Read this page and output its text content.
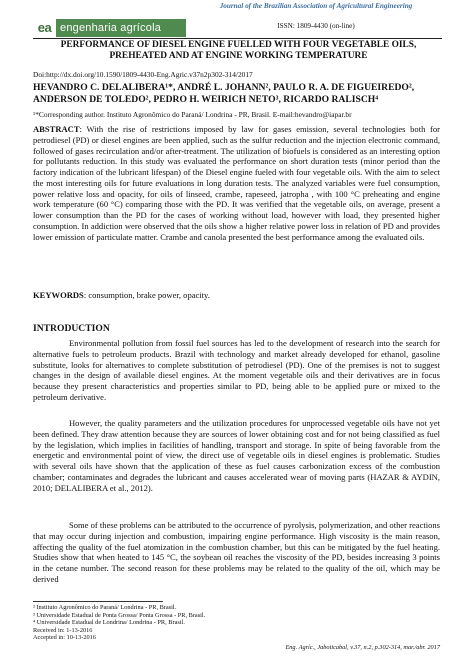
ea engenharia agrícola
Journal of the Brazilian Association of Agricultural Engineering
ISSN: 1809-4430 (on-line)
PERFORMANCE OF DIESEL ENGINE FUELLED WITH FOUR VEGETABLE OILS, PREHEATED AND AT ENGINE WORKING TEMPERATURE
Doi:http://dx.doi.org/10.1590/1809-4430-Eng.Agric.v37n2p302-314/2017
HEVANDRO C. DELALIBERA¹*, ANDRÉ L. JOHANN², PAULO R. A. DE FIGUEIREDO², ANDERSON DE TOLEDO², PEDRO H. WEIRICH NETO³, RICARDO RALISCH⁴
¹*Corresponding author. Instituto Agronômico do Paraná/ Londrina - PR, Brasil. E-mail:hevandro@iapar.br
ABSTRACT: With the rise of restrictions imposed by law for gases emission, several technologies both for petrodiesel (PD) or diesel engines are been applied, such as the sulfur reduction and the injection electronic command, followed of gases recirculation and/or after-treatment. The utilization of biofuels is considered as an interesting option for pollutants reduction. In this study was evaluated the performance on short duration tests (minor period than the factory indication of the lubricant lifespan) of the Diesel engine fueled with four vegetable oils. With the aim to select the most interesting oils for future evaluations in long duration tests. The analyzed variables were fuel consumption, power relative loss and opacity, for oils of linseed, crambe, rapeseed, jatropha , with 100 °C preheating and engine work temperature (60 °C) comparing those with the PD. It was verified that the vegetable oils, on average, present a lower consumption than the PD for the cases of working without load, however with load, they presented higher consumption. In addiction were observed that the oils show a higher relative power loss in relation of PD and provides lower emission of particulate matter. Crambe and canola presented the best performance among the evaluated oils.
KEYWORDS: consumption, brake power, opacity.
INTRODUCTION
Environmental pollution from fossil fuel sources has led to the development of research into the search for alternative fuels to petroleum products. Brazil with technology and market already developed for ethanol, gasoline substitute, looks for alternatives to complete substitution of petrodiesel (PD). One of the premises is not to suggest changes in the design of available diesel engines. At the moment vegetable oils and their derivatives are in focus because they present characteristics and properties similar to PD, being able to be applied pure or mixed to the petroleum derivative.
However, the quality parameters and the utilization procedures for unprocessed vegetable oils have not yet been defined. They draw attention because they are sources of lower obtaining cost and for not being classified as fuel by the legislation, which implies in facilities of handling, transport and storage. In spite of being favorable from the energetic and environmental point of view, the direct use of vegetable oils in diesel engines is problematic. Studies with several oils have shown that the application of these as fuel causes carbonization excess of the combustion chamber; contaminates and degrades the lubricant and causes accelerated wear of moving parts (HAZAR & AYDIN, 2010; DELALIBERA et al., 2012).
Some of these problems can be attributed to the occurrence of pyrolysis, polymerization, and other reactions that may occur during injection and combustion, impairing engine performance. High viscosity is the main reason, affecting the quality of the fuel atomization in the combustion chamber, but this can be mitigated by the fuel heating. Studies show that when heated to 145 °C, the soybean oil reaches the viscosity of the PD, besides increasing 3 points in the cetane number. The second reason for these problems may be related to the quality of the oil, which may be derived
² Instituto Agronômico do Paraná/ Londrina - PR, Brasil.
³ Universidade Estadual de Ponta Grossa/ Ponta Grossa - PR, Brasil.
⁴ Universidade Estadual de Londrina/ Londrina - PR, Brasil.
Received in: 1-13-2016
Accepted in: 10-13-2016
Eng. Agríc., Jaboticabal, v.37, n.2, p.302-314, mar./abr. 2017
